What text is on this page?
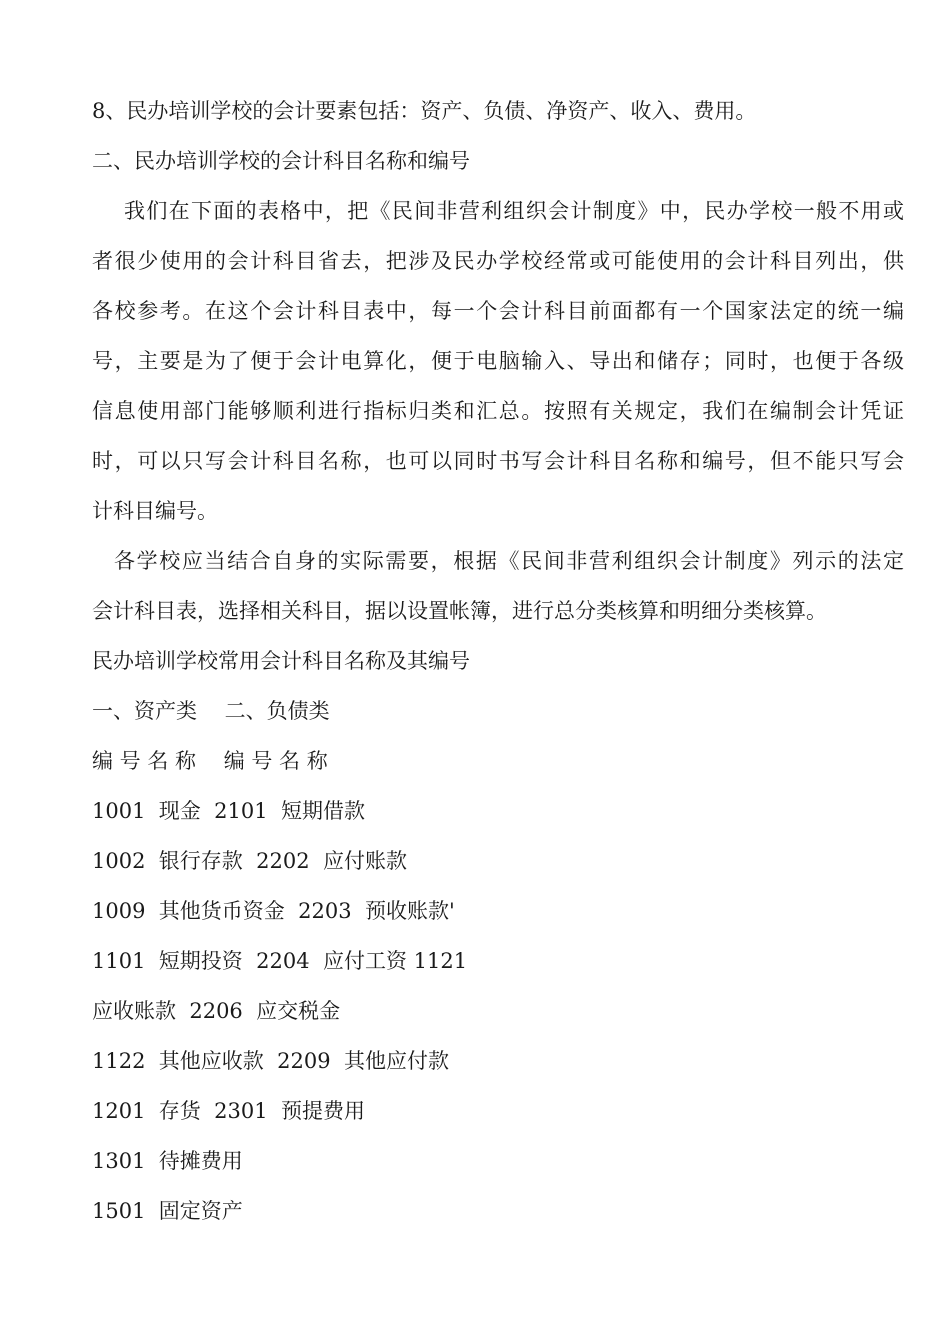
8、民办培训学校的会计要素包括：资产、负债、净资产、收入、费用。
二、民办培训学校的会计科目名称和编号
我们在下面的表格中，把《民间非营利组织会计制度》中，民办学校一般不用或
者很少使用的会计科目省去，把涉及民办学校经常或可能使用的会计科目列出，供
各校参考。在这个会计科目表中，每一个会计科目前面都有一个国家法定的统一编
号，主要是为了便于会计电算化，便于电脑输入、导出和储存；同时，也便于各级
信息使用部门能够顺利进行指标归类和汇总。按照有关规定，我们在编制会计凭证
时，可以只写会计科目名称，也可以同时书写会计科目名称和编号，但不能只写会
计科目编号。
各学校应当结合自身的实际需要，根据《民间非营利组织会计制度》列示的法定
会计科目表，选择相关科目，据以设置帐簿，进行总分类核算和明细分类核算。
民办培训学校常用会计科目名称及其编号
一、资产类　 二、负债类
编 号 名 称 　编 号 名 称
1001  现金  2101  短期借款
1002  银行存款  2202  应付账款
1009  其他货币资金  2203  预收账款'
1101  短期投资  2204  应付工资 1121
应收账款  2206  应交税金
1122  其他应收款  2209  其他应付款
1201  存货  2301  预提费用
1301  待摊费用
1501  固定资产
